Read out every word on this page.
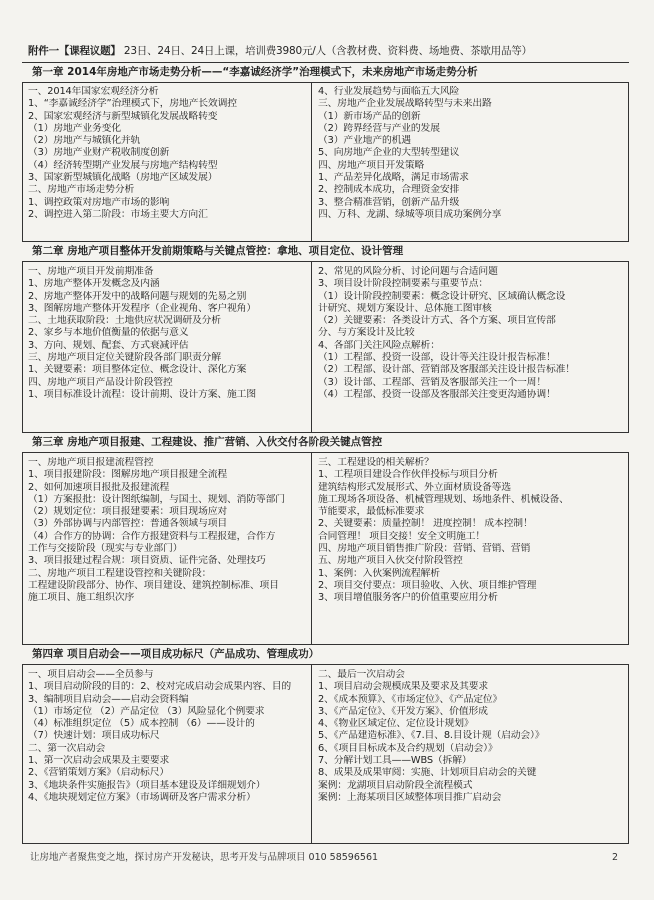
附件一【课程议题】 23日、24日、24日上课，培训费3980元/人（含教材费、资料费、场地费、茶歇用品等）
第一章 2014年房地产市场走势分析——“李嘉诚经济学”治理模式下，未来房地产市场走势分析
一、2014年国家宏观经济分析
1、“李嘉诚经济学”治理模式下，房地产长效调控
2、国家宏观经济与新型城镇化发展战略转变
（1）房地产业务变化
（2）房地产与城镇化并轨
（3）房地产业财产税收制度创新
（4）经济转型期产业发展与房地产结构转型
3、国家新型城镇化战略（房地产区域发展）
二、房地产市场走势分析
1、调控政策对房地产市场的影响
2、调控进入第二阶段：市场主要大方向汇
4、行业发展趋势与面临五大风险
三、房地产企业发展战略转型与未来出路
（1）新市场产品的创新
（2）跨界经营与产业的发展
（3）产业地产的机遇
5、向房地产企业的大型转型建议
四、房地产项目开发策略
1、产品差异化战略，满足市场需求
2、控制成本成功，合理资金安排
3、整合精准营销，创新产品升级
四、万科、龙湖、绿城等项目成功案例分享
第二章 房地产项目整体开发前期策略与关键点管控：拿地、项目定位、设计管理
一、房地产项目开发前期准备
1、房地产整体开发概念及内涵
2、房地产整体开发中的战略问题与规划的先易之别
3、图解房地产整体开发程序（企业视角、客户视角）
二、土地获取阶段：土地供应状况调研及分析
2、家乡与本地价值衡量的依据与意义
3、方向、规划、配套、方式衰减评估
三、房地产项目定位关键阶段各部门职责分解
1、关键要素：项目整体定位、概念设计、深化方案
四、房地产项目产品设计阶段管控
1、项目标准设计流程：设计前期、设计方案、施工图
2、常见的风险分析、讨论问题与合适问题
3、项目设计阶段控制要素与重要节点：
（1）设计阶段控制要素：概念设计研究、区域确认概念设
计研究、规划方案设计、总体施工图审核
（2）关键要素：各类设计方式、各个方案、项目宣传部
分、与方案设计及比较
4、各部门关注风险点解析：
（1）工程部、投资一设部，设计等关注设计报告标准！
（2）工程部、设计部、营销部及客服部关注设计报告标准！
（3）设计部、工程部、营销及客服部关注一个一周！
（4）工程部、投资一设部及客服部关注变更沟通协调！
第三章 房地产项目报建、工程建设、推广营销、入伙交付各阶段关键点管控
一、房地产项目报建流程管控
1、项目报建阶段：图解房地产项目报建全流程
2、如何加速项目报批及报建流程
（1）方案报批：设计图纸编制，与国土、规划、消防等部门
（2）规划定位：项目报建要素：项目现场应对
（3）外部协调与内部管控：普通各领域与项目
（4）合作方的协调：合作方报建资料与工程报建，合作方
工作与交接阶段（现实与专业部门）
3、项目报建过程合规：项目资质、证件完备、处理技巧
二、房地产项目工程建设管控和关键阶段：
工程建设阶段部分、协作、项目建设、建筑控制标准、项目
施工项目、施工组织次序
三、工程建设的相关解析？
1、工程项目建设合作伙伴投标与项目分析
建筑结构形式发展形式、外立面材质设备等选
施工现场各项设备、机械管理规划、场地条件、机械设备、
节能要求，最低标准要求
2、关键要素：质量控制！ 进度控制！ 成本控制！
合同管理！ 项目交接！安全文明施工！
四、房地产项目销售推广阶段：营销、营销、营销
五、房地产项目入伙交付阶段管控
1、案例：入伙案例流程解析
2、项目交付要点：项目验收、入伙、项目维护管理
3、项目增值服务客户的价值重要应用分析
第四章 项目启动会——项目成功标尺（产品成功、管理成功）
一、项目启动会——全员参与
1、项目启动阶段的目的：2、校对完成启动会成果内容、目的
3、编制项目启动会——启动会资料编
（1）市场定位 （2）产品定位 （3）风险显化个例要求
（4）标准组织定位 （5）成本控制 （6）——设计的
（7）快速计划：项目成功标尺
二、第一次启动会
1、第一次启动会成果及主要要求
2、《营销策划方案》（启动标尺）
3、《地块条件实施报告》（项目基本建设及详细规划介）
4、《地块规划定位方案》（市场调研及客户需求分析）
二、最后一次启动会
1、项目启动会规模成果及要求及其要求
2、《成本预算》、《市场定位》、《产品定位》
3、《产品定位》、《开发方案》、价值形成
4、《物业区域定位、定位设计规划》
5、《产品建造标准》、《7.目、8.目设计规（启动会）》
6、《项目目标成本及合约规划（启动会）》
7、分解计划工具——WBS（拆解）
8、成果及成果审阅：实施、计划项目启动会的关键
案例：龙湖项目启动阶段全流程模式
案例：上海某项目区域整体项目推广启动会
让房地产者聚焦变之地，探讨房产开发秘诀，思考开发与品牌项目 010 58596561	2
